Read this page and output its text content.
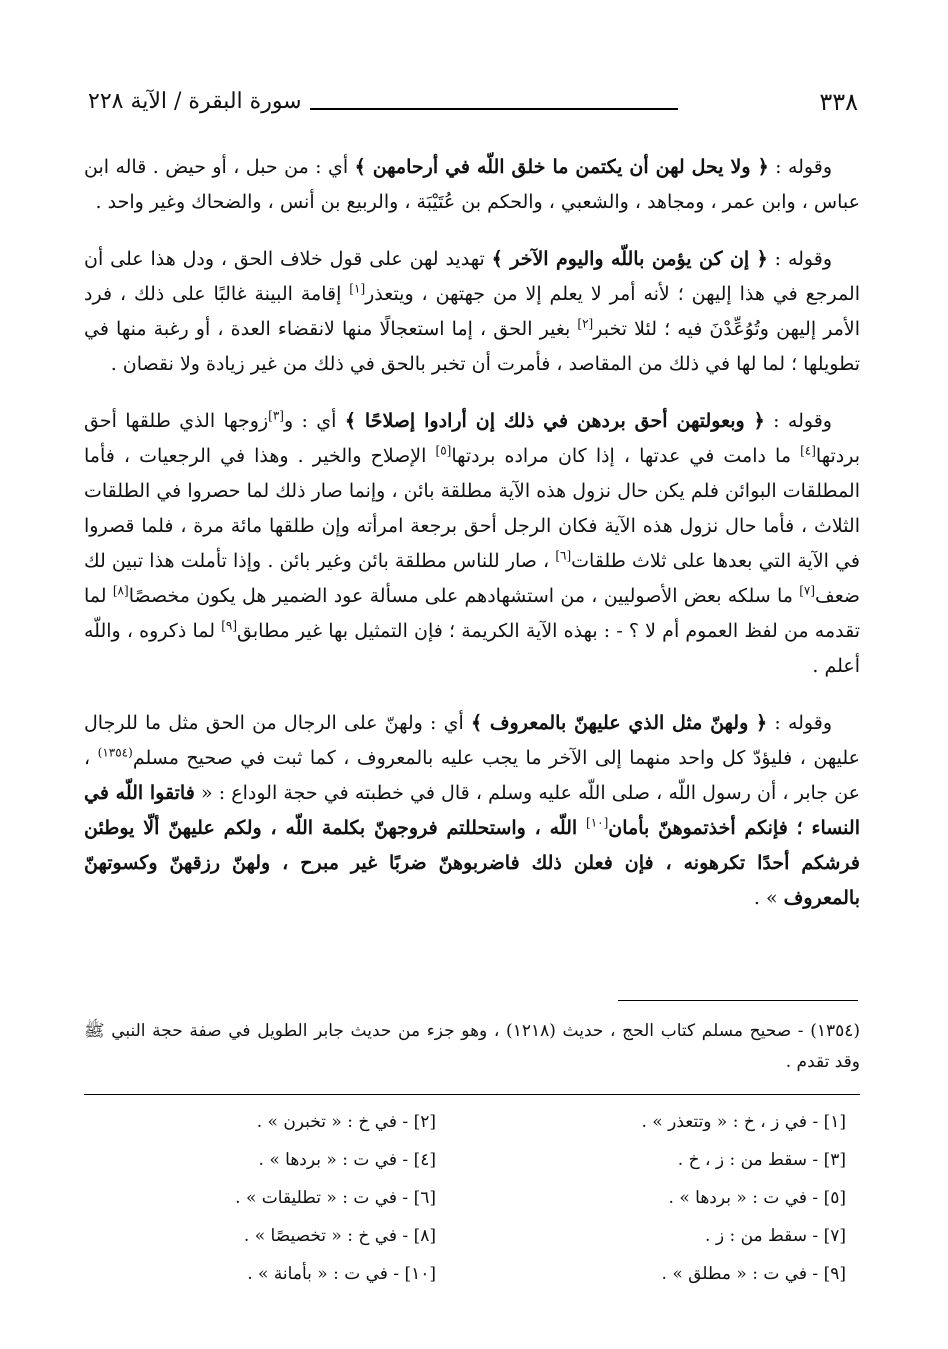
٣٣٨
سورة البقرة / الآية ٢٢٨

وقوله : ﴿ ولا يحل لهن أن يكتمن ما خلق اللّه في أرحامهن ﴾ أي : من حبل ، أو حيض . قاله ابن عباس ، وابن عمر ، ومجاهد ، والشعبي ، والحكم بن عُتَيْبَة ، والربيع بن أنس ، والضحاك وغير واحد .

وقوله : ﴿ إن كن يؤمن باللّه واليوم الآخر ﴾ تهديد لهن على قول خلاف الحق ، ودل هذا على أن المرجع في هذا إليهن ؛ لأنه أمر لا يعلم إلا من جهتهن ، ويتعذر[١] إقامة البينة غالبًا على ذلك ، فرد الأمر إليهن وتُوُعِّدْنَ فيه ؛ لئلا تخبر[٢] بغير الحق ، إما استعجالًا منها لانقضاء العدة ، أو رغبة منها في تطويلها ؛ لما لها في ذلك من المقاصد ، فأمرت أن تخبر بالحق في ذلك من غير زيادة ولا نقصان .

وقوله : ﴿ وبعولتهن أحق بردهن في ذلك إن أرادوا إصلاحًا ﴾ أي : و[٣]زوجها الذي طلقها أحق بردتها[٤] ما دامت في عدتها ، إذا كان مراده بردتها[٥] الإصلاح والخير . وهذا في الرجعيات ، فأما المطلقات البوائن فلم يكن حال نزول هذه الآية مطلقة بائن ، وإنما صار ذلك لما حصروا في الطلقات الثلاث ، فأما حال نزول هذه الآية فكان الرجل أحق برجعة امرأته وإن طلقها مائة مرة ، فلما قصروا في الآية التي بعدها على ثلاث طلقات[٦] ، صار للناس مطلقة بائن وغير بائن . وإذا تأملت هذا تبين لك ضعف[٧] ما سلكه بعض الأصوليين ، من استشهادهم على مسألة عود الضمير هل يكون مخصصًا[٨] لما تقدمه من لفظ العموم أم لا ؟ - : بهذه الآية الكريمة ؛ فإن التمثيل بها غير مطابق[٩] لما ذكروه ، واللّه أعلم .

وقوله : ﴿ ولهنّ مثل الذي عليهنّ بالمعروف ﴾ أي : ولهنّ على الرجال من الحق مثل ما للرجال عليهن ، فليؤدّ كل واحد منهما إلى الآخر ما يجب عليه بالمعروف ، كما ثبت في صحيح مسلم$^{(١٣٥٤)}$ ، عن جابر ، أن رسول اللّه ، صلى اللّه عليه وسلم ، قال في خطبته في حجة الوداع : « فاتقوا اللّه في النساء ؛ فإنكم أخذتموهنّ بأمان[١٠] اللّه ، واستحللتم فروجهنّ بكلمة اللّه ، ولكم عليهنّ ألّا يوطئن فرشكم أحدًا تكرهونه ، فإن فعلن ذلك فاضربوهنّ ضربًا غير مبرح ، ولهنّ رزقهنّ وكسوتهنّ بالمعروف » .

(١٣٥٤) - صحيح مسلم كتاب الحج ، حديث (١٢١٨) ، وهو جزء من حديث جابر الطويل في صفة حجة النبي ﷺ وقد تقدم .
[١] - في ز ، خ : « وتتعذر » .
[٢] - في خ : « تخبرن » .
[٣] - سقط من : ز ، خ .
[٤] - في ت : « بردها » .
[٥] - في ت : « بردها » .
[٦] - في ت : « تطليقات » .
[٧] - سقط من : ز .
[٨] - في خ : « تخصيصًا » .
[٩] - في ت : « مطلق » .
[١٠] - في ت : « بأمانة » .
